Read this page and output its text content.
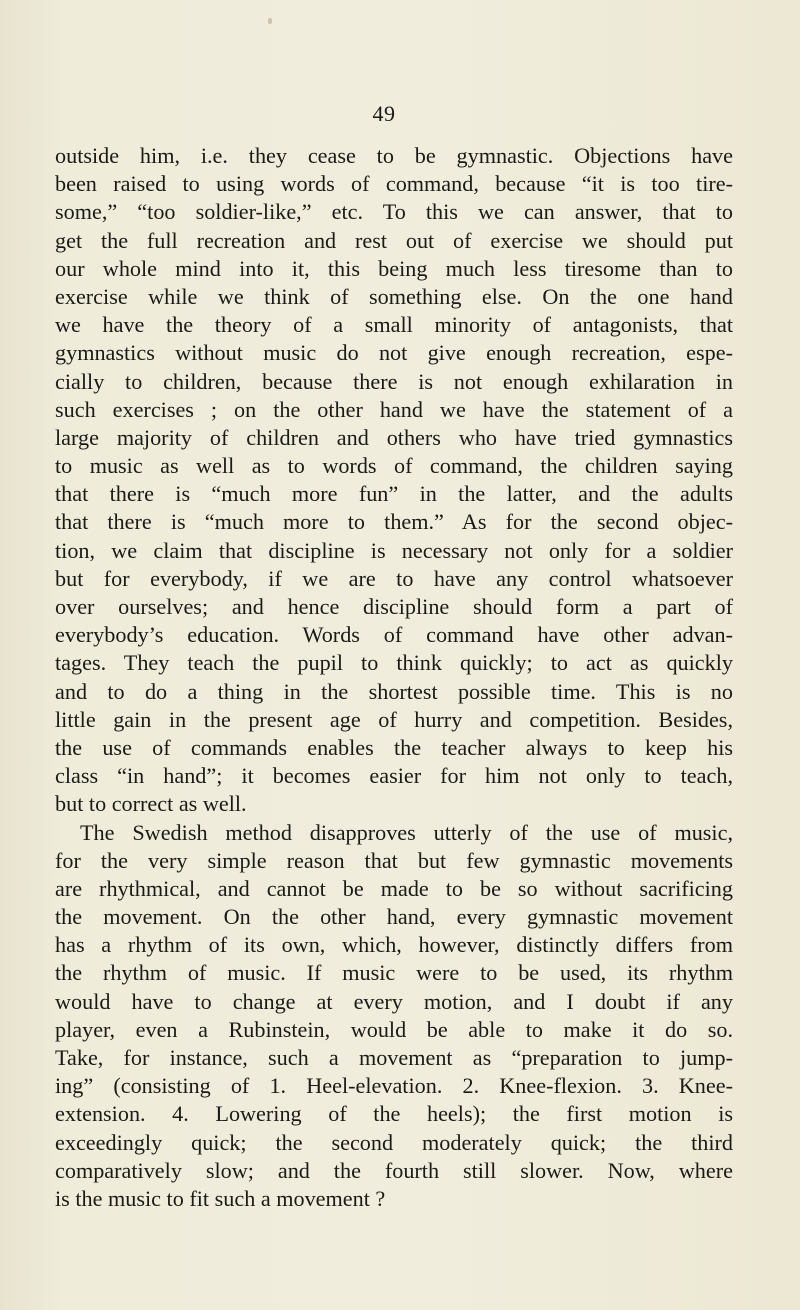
49
outside him, i.e. they cease to be gymnastic. Objections have
been raised to using words of command, because “it is too tire-
some,” “too soldier-like,” etc. To this we can answer, that to
get the full recreation and rest out of exercise we should put
our whole mind into it, this being much less tiresome than to
exercise while we think of something else. On the one hand
we have the theory of a small minority of antagonists, that
gymnastics without music do not give enough recreation, espe-
cially to children, because there is not enough exhilaration in
such exercises ; on the other hand we have the statement of a
large majority of children and others who have tried gymnastics
to music as well as to words of command, the children saying
that there is “much more fun” in the latter, and the adults
that there is “much more to them.” As for the second objec-
tion, we claim that discipline is necessary not only for a soldier
but for everybody, if we are to have any control whatsoever
over ourselves; and hence discipline should form a part of
everybody’s education. Words of command have other advan-
tages. They teach the pupil to think quickly; to act as quickly
and to do a thing in the shortest possible time. This is no
little gain in the present age of hurry and competition. Besides,
the use of commands enables the teacher always to keep his
class “in hand”; it becomes easier for him not only to teach,
but to correct as well.
The Swedish method disapproves utterly of the use of music,
for the very simple reason that but few gymnastic movements
are rhythmical, and cannot be made to be so without sacrificing
the movement. On the other hand, every gymnastic movement
has a rhythm of its own, which, however, distinctly differs from
the rhythm of music. If music were to be used, its rhythm
would have to change at every motion, and I doubt if any
player, even a Rubinstein, would be able to make it do so.
Take, for instance, such a movement as “preparation to jump-
ing” (consisting of 1. Heel-elevation. 2. Knee-flexion. 3. Knee-
extension. 4. Lowering of the heels); the first motion is
exceedingly quick; the second moderately quick; the third
comparatively slow; and the fourth still slower. Now, where
is the music to fit such a movement ?
